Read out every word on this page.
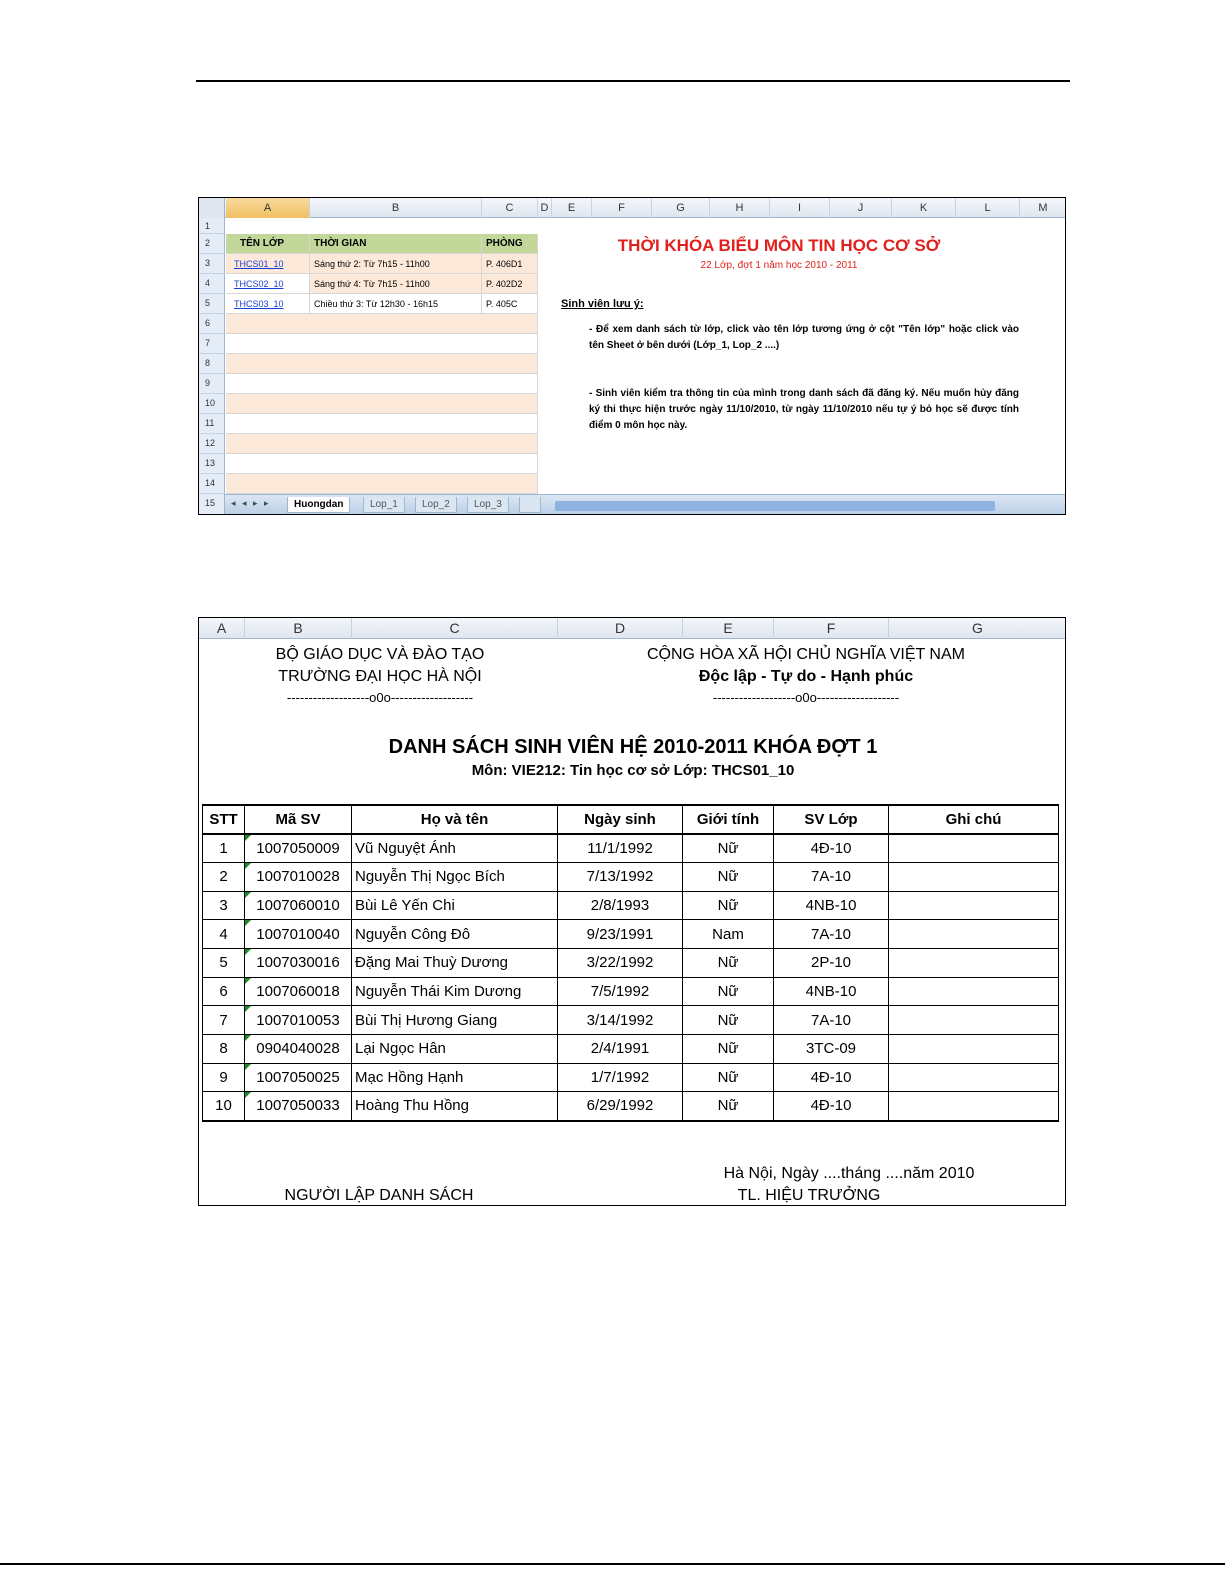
A	B	C	D	E	F	G	H	I	J	K	L	M
1
2
3
4
5
6
7
8
9
10
11
12
13
14
15
TÊN LỚP	THỜI GIAN	PHÒNG
THCS01_10	Sáng thứ 2: Từ 7h15 - 11h00	P. 406D1
THCS02_10	Sáng thứ 4: Từ 7h15 - 11h00	P. 402D2
THCS03_10	Chiều thứ 3: Từ 12h30 - 16h15	P. 405C
THỜI KHÓA BIỂU MÔN TIN HỌC CƠ SỞ
22 Lớp, đợt 1 năm học 2010 - 2011
Sinh viên lưu ý:
- Để xem danh sách từ lớp, click vào tên lớp tương ứng ở cột "Tên lớp" hoặc click vào tên Sheet ở bên dưới (Lớp_1, Lop_2 ....)
- Sinh viên kiểm tra thông tin của mình trong danh sách đã đăng ký. Nếu muốn hủy đăng ký thi thực hiện trước ngày 11/10/2010, từ ngày 11/10/2010 nếu tự ý bỏ học sẽ được tính điểm 0 môn học này.
◂ ◂ ▸ ▸	Huongdan	Lop_1	Lop_2	Lop_3
A	B	C	D	E	F	G
BỘ GIÁO DỤC VÀ ĐÀO TẠO
TRƯỜNG ĐẠI HỌC HÀ NỘI
-------------------o0o-------------------
CỘNG HÒA XÃ HỘI CHỦ NGHĨA VIỆT NAM
Độc lập - Tự do - Hạnh phúc
-------------------o0o-------------------
DANH SÁCH SINH VIÊN HỆ 2010-2011 KHÓA ĐỢT 1
Môn: VIE212: Tin học cơ sở Lớp: THCS01_10
STT	Mã SV	Họ và tên	Ngày sinh	Giới tính	SV Lớp	Ghi chú
1	1007050009	Vũ Nguyệt Ánh	11/1/1992	Nữ	4Đ-10	
2	1007010028	Nguyễn Thị Ngọc Bích	7/13/1992	Nữ	7A-10	
3	1007060010	Bùi Lê Yến Chi	2/8/1993	Nữ	4NB-10	
4	1007010040	Nguyễn Công Đô	9/23/1991	Nam	7A-10	
5	1007030016	Đặng Mai Thuỳ Dương	3/22/1992	Nữ	2P-10	
6	1007060018	Nguyễn Thái Kim Dương	7/5/1992	Nữ	4NB-10	
7	1007010053	Bùi Thị Hương Giang	3/14/1992	Nữ	7A-10	
8	0904040028	Lại Ngọc Hân	2/4/1991	Nữ	3TC-09	
9	1007050025	Mạc Hồng Hạnh	1/7/1992	Nữ	4Đ-10	
10	1007050033	Hoàng Thu Hồng	6/29/1992	Nữ	4Đ-10	
Hà Nội, Ngày ....tháng ....năm 2010
NGƯỜI LẬP DANH SÁCH	TL. HIỆU TRƯỞNG
